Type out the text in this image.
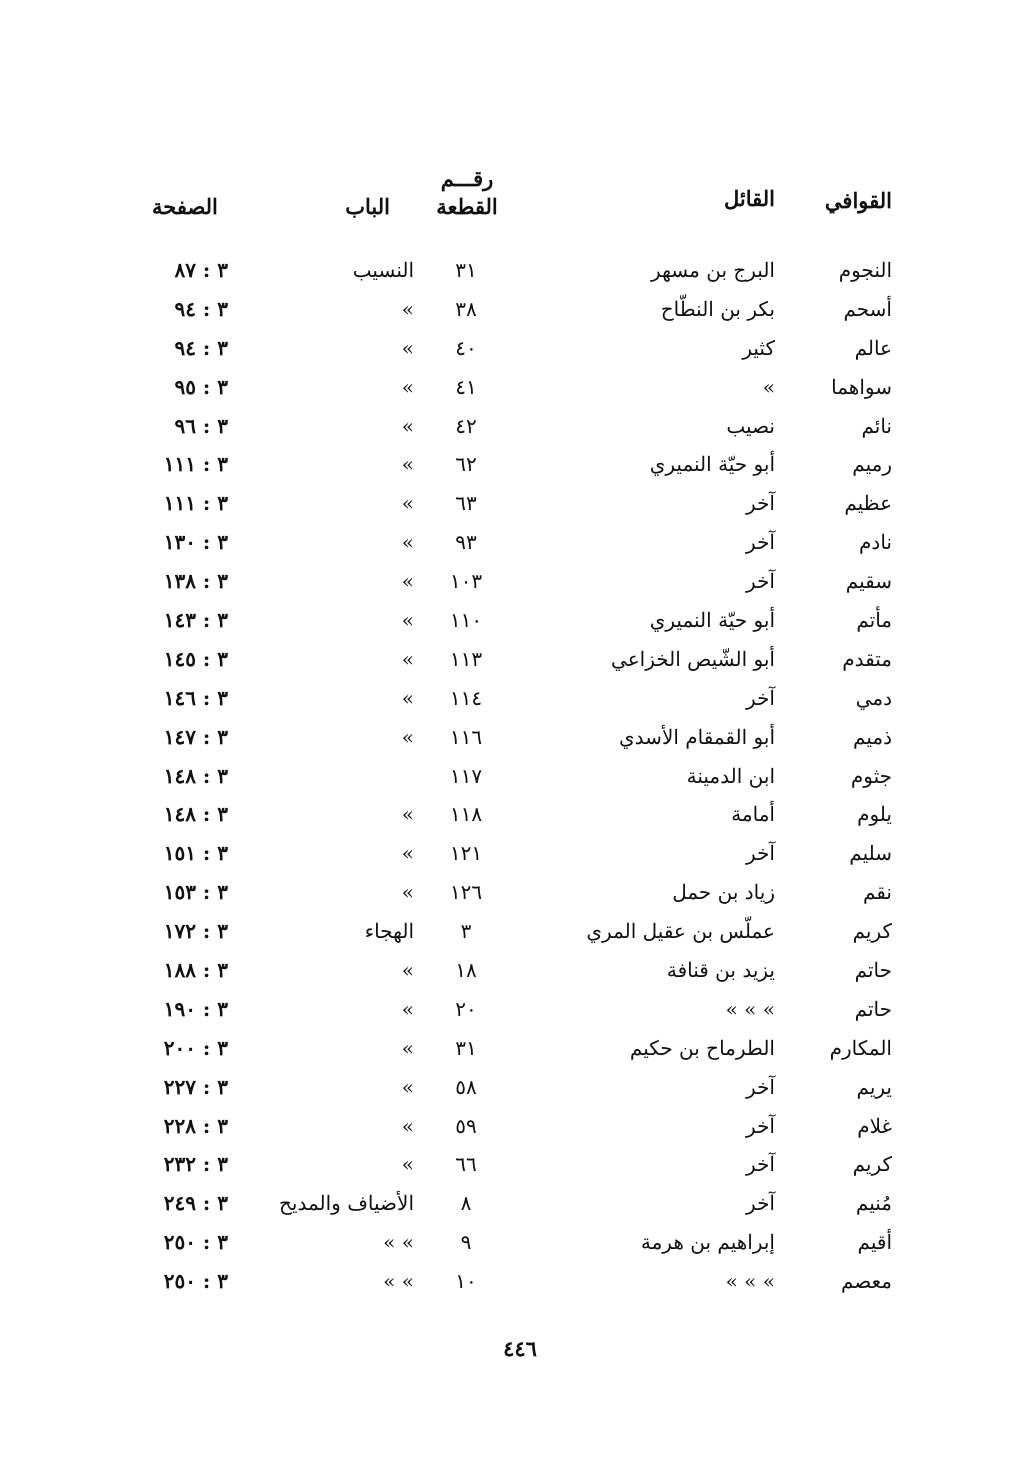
القوافي
القائل
رقـــم
القطعة
الباب
الصفحة
النجوم
البرج بن مسهر
٣١
النسيب
٣ : ٨٧
أسحم
بكر بن النطّاح
٣٨
»
٣ : ٩٤
عالم
كثير
٤٠
»
٣ : ٩٤
سواهما
»
٤١
»
٣ : ٩٥
نائم
نصيب
٤٢
»
٣ : ٩٦
رميم
أبو حيّة النميري
٦٢
»
٣ : ١١١
عظيم
آخر
٦٣
»
٣ : ١١١
نادم
آخر
٩٣
»
٣ : ١٣٠
سقيم
آخر
١٠٣
»
٣ : ١٣٨
مأتم
أبو حيّة النميري
١١٠
»
٣ : ١٤٣
متقدم
أبو الشّيص الخزاعي
١١٣
»
٣ : ١٤٥
دمي
آخر
١١٤
»
٣ : ١٤٦
ذميم
أبو القمقام الأسدي
١١٦
»
٣ : ١٤٧
جثوم
ابن الدمينة
١١٧
٣ : ١٤٨
يلوم
أمامة
١١٨
»
٣ : ١٤٨
سليم
آخر
١٢١
»
٣ : ١٥١
نقم
زياد بن حمل
١٢٦
»
٣ : ١٥٣
كريم
عملّس بن عقيل المري
٣
الهجاء
٣ : ١٧٢
حاتم
يزيد بن قنافة
١٨
»
٣ : ١٨٨
حاتم
» » »
٢٠
»
٣ : ١٩٠
المكارم
الطرماح بن حكيم
٣١
»
٣ : ٢٠٠
يريم
آخر
٥٨
»
٣ : ٢٢٧
غلام
آخر
٥٩
»
٣ : ٢٢٨
كريم
آخر
٦٦
»
٣ : ٢٣٢
مُنيم
آخر
٨
الأضياف والمديح
٣ : ٢٤٩
أقيم
إبراهيم بن هرمة
٩
» »
٣ : ٢٥٠
معصم
» » »
١٠
» »
٣ : ٢٥٠
٤٤٦
